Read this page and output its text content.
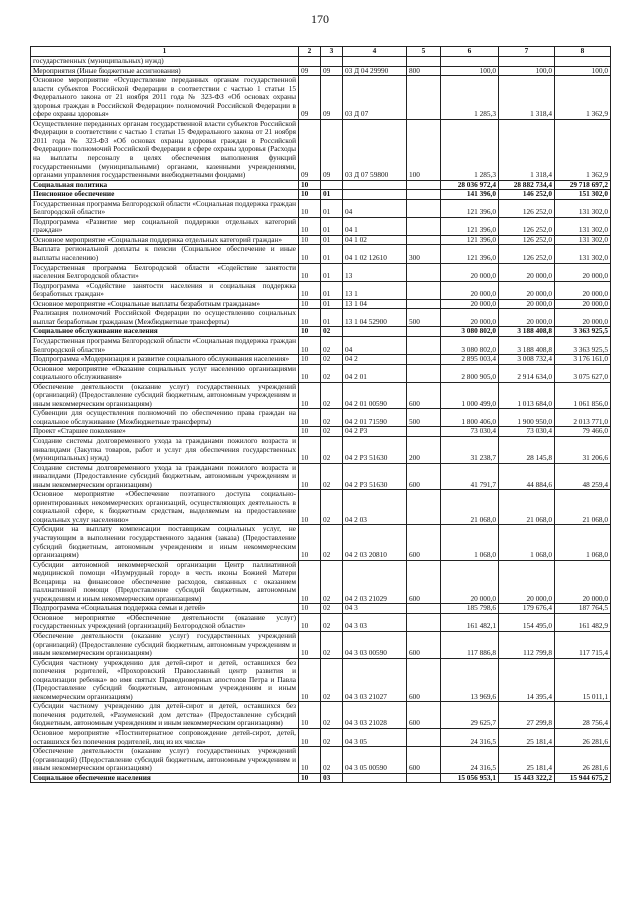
170
1	2	3	4	5	6	7	8
государственных (муниципальных) нужд)							
Мероприятия (Иные бюджетные ассигнования)	09	09	03 Д 04 29990	800	100,0	100,0	100,0
Основное мероприятие «Осуществление переданных органам государственной власти субъектов Российской Федерации в соответствии с частью 1 статьи 15 Федерального закона от 21 ноября 2011 года № 323-ФЗ «Об основах охраны здоровья граждан в Российской Федерации» полномочий Российской Федерации в сфере охраны здоровья»	09	09	03 Д 07		1 285,3	1 318,4	1 362,9
Осуществление переданных органам государственной власти субъектов Российской Федерации в соответствии с частью 1 статьи 15 Федерального закона от 21 ноября 2011 года № 323-ФЗ «Об основах охраны здоровья граждан в Российской Федерации» полномочий Российской Федерации в сфере охраны здоровья (Расходы на выплаты персоналу в целях обеспечения выполнения функций государственными (муниципальными) органами, казенными учреждениями, органами управления государственными внебюджетными фондами)	09	09	03 Д 07 59800	100	1 285,3	1 318,4	1 362,9
Социальная политика	10				28 036 972,4	28 882 734,4	29 718 697,2
Пенсионное обеспечение	10	01			141 396,0	146 252,0	151 302,0
Государственная программа Белгородской области «Социальная поддержка граждан Белгородской области»	10	01	04		121 396,0	126 252,0	131 302,0
Подпрограмма «Развитие мер социальной поддержки отдельных категорий граждан»	10	01	04 1		121 396,0	126 252,0	131 302,0
Основное мероприятие «Социальная поддержка отдельных категорий граждан»	10	01	04 1 02		121 396,0	126 252,0	131 302,0
Выплата региональной доплаты к пенсии (Социальное обеспечение и иные выплаты населению)	10	01	04 1 02 12610	300	121 396,0	126 252,0	131 302,0
Государственная программа Белгородской области «Содействие занятости населения Белгородской области»	10	01	13		20 000,0	20 000,0	20 000,0
Подпрограмма «Содействие занятости населения и социальная поддержка безработных граждан»	10	01	13 1		20 000,0	20 000,0	20 000,0
Основное мероприятие «Социальные выплаты безработным гражданам»	10	01	13 1 04		20 000,0	20 000,0	20 000,0
Реализация полномочий Российской Федерации по осуществлению социальных выплат безработным гражданам (Межбюджетные трансферты)	10	01	13 1 04 52900	500	20 000,0	20 000,0	20 000,0
Социальное обслуживание населения	10	02			3 080 802,0	3 188 408,8	3 363 925,5
Государственная программа Белгородской области «Социальная поддержка граждан Белгородской области»	10	02	04		3 080 802,0	3 188 408,8	3 363 925,5
Подпрограмма «Модернизация и развитие социального обслуживания населения»	10	02	04 2		2 895 003,4	3 008 732,4	3 176 161,0
Основное мероприятие «Оказание социальных услуг населению организациями социального обслуживания»	10	02	04 2 01		2 800 905,0	2 914 634,0	3 075 627,0
Обеспечение деятельности (оказание услуг) государственных учреждений (организаций) (Предоставление субсидий бюджетным, автономным учреждениям и иным некоммерческим организациям)	10	02	04 2 01 00590	600	1 000 499,0	1 013 684,0	1 061 856,0
Субвенции для осуществления полномочий по обеспечению права граждан на социальное обслуживание (Межбюджетные трансферты)	10	02	04 2 01 71590	500	1 800 406,0	1 900 950,0	2 013 771,0
Проект «Старшее поколение»	10	02	04 2 P3		73 030,4	73 030,4	79 466,0
Создание системы долговременного ухода за гражданами пожилого возраста и инвалидами (Закупка товаров, работ и услуг для обеспечения государственных (муниципальных) нужд)	10	02	04 2 P3 51630	200	31 238,7	28 145,8	31 206,6
Создание системы долговременного ухода за гражданами пожилого возраста и инвалидами (Предоставление субсидий бюджетным, автономным учреждениям и иным некоммерческим организациям)	10	02	04 2 P3 51630	600	41 791,7	44 884,6	48 259,4
Основное мероприятие «Обеспечение поэтапного доступа социально-ориентированных некоммерческих организаций, осуществляющих деятельность в социальной сфере, к бюджетным средствам, выделяемым на предоставление социальных услуг населению»	10	02	04 2 03		21 068,0	21 068,0	21 068,0
Субсидии на выплату компенсации поставщикам социальных услуг, не участвующим в выполнении государственного задания (заказа) (Предоставление субсидий бюджетным, автономным учреждениям и иным некоммерческим организациям)	10	02	04 2 03 20810	600	1 068,0	1 068,0	1 068,0
Субсидии автономной некоммерческой организации Центр паллиативной медицинской помощи «Изумрудный город» в честь иконы Божией Матери Всецарица на финансовое обеспечение расходов, связанных с оказанием паллиативной помощи (Предоставление субсидий бюджетным, автономным учреждениям и иным некоммерческим организациям)	10	02	04 2 03 21029	600	20 000,0	20 000,0	20 000,0
Подпрограмма «Социальная поддержка семьи и детей»	10	02	04 3		185 798,6	179 676,4	187 764,5
Основное мероприятие «Обеспечение деятельности (оказание услуг) государственных учреждений (организаций) Белгородской области»	10	02	04 3 03		161 482,1	154 495,0	161 482,9
Обеспечение деятельности (оказание услуг) государственных учреждений (организаций) (Предоставление субсидий бюджетным, автономным учреждениям и иным некоммерческим организациям)	10	02	04 3 03 00590	600	117 886,8	112 799,8	117 715,4
Субсидия частному учреждению для детей-сирот и детей, оставшихся без попечения родителей, «Прохоровский Православный центр развития и социализации ребенка» во имя святых Праведноверных апостолов Петра и Павла (Предоставление субсидий бюджетным, автономным учреждениям и иным некоммерческим организациям)	10	02	04 3 03 21027	600	13 969,6	14 395,4	15 011,1
Субсидии частному учреждению для детей-сирот и детей, оставшихся без попечения родителей, «Разуменский дом детства» (Предоставление субсидий бюджетным, автономным учреждениям и иным некоммерческим организациям)	10	02	04 3 03 21028	600	29 625,7	27 299,8	28 756,4
Основное мероприятие «Постинтернатное сопровождение детей-сирот, детей, оставшихся без попечения родителей, лиц из их числа»	10	02	04 3 05		24 316,5	25 181,4	26 281,6
Обеспечение деятельности (оказание услуг) государственных учреждений (организаций) (Предоставление субсидий бюджетным, автономным учреждениям и иным некоммерческим организациям)	10	02	04 3 05 00590	600	24 316,5	25 181,4	26 281,6
Социальное обеспечение населения	10	03			15 056 953,1	15 443 322,2	15 944 675,2
